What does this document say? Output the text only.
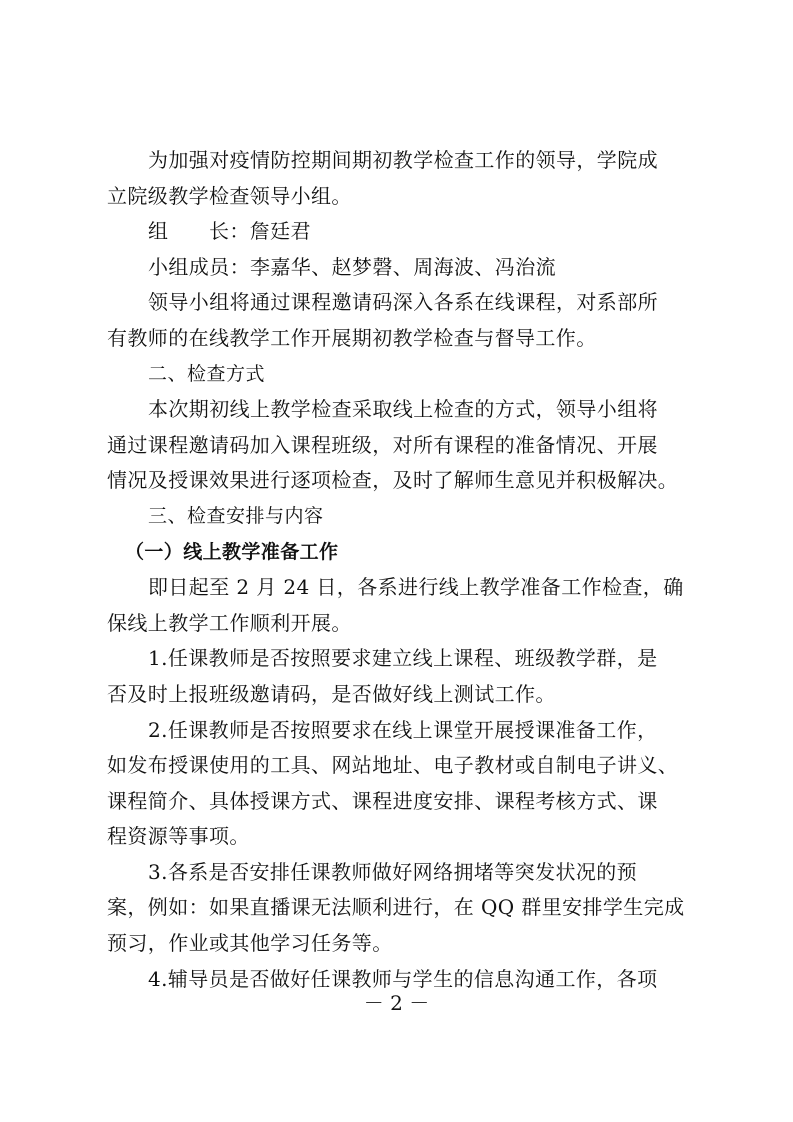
为加强对疫情防控期间期初教学检查工作的领导，学院成
立院级教学检查领导小组。
组      长：詹廷君
小组成员：李嘉华、赵梦磬、周海波、冯治流
领导小组将通过课程邀请码深入各系在线课程，对系部所
有教师的在线教学工作开展期初教学检查与督导工作。
二、检查方式
本次期初线上教学检查采取线上检查的方式，领导小组将
通过课程邀请码加入课程班级，对所有课程的准备情况、开展
情况及授课效果进行逐项检查，及时了解师生意见并积极解决。
三、检查安排与内容
（一）线上教学准备工作
即日起至 2 月 24 日，各系进行线上教学准备工作检查，确
保线上教学工作顺利开展。
1.任课教师是否按照要求建立线上课程、班级教学群，是
否及时上报班级邀请码，是否做好线上测试工作。
2.任课教师是否按照要求在线上课堂开展授课准备工作，
如发布授课使用的工具、网站地址、电子教材或自制电子讲义、
课程简介、具体授课方式、课程进度安排、课程考核方式、课
程资源等事项。
3.各系是否安排任课教师做好网络拥堵等突发状况的预
案，例如：如果直播课无法顺利进行，在 QQ 群里安排学生完成
预习，作业或其他学习任务等。
4.辅导员是否做好任课教师与学生的信息沟通工作，各项
－ 2 －
